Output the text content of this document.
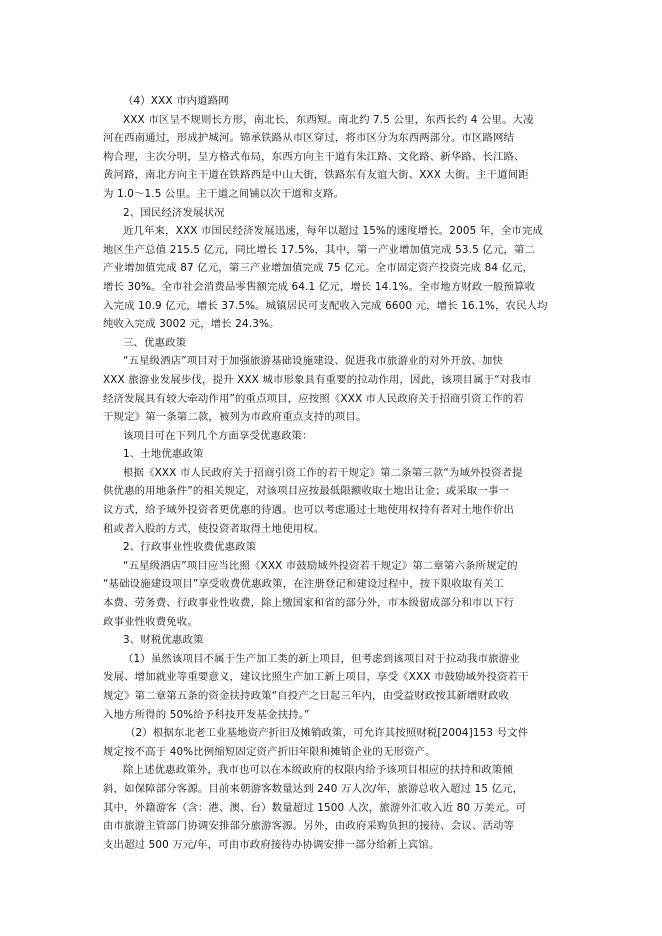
（4）XXX 市内道路网
XXX 市区呈不规则长方形，南北长，东西短。南北约 7.5 公里，东西长约 4 公里。大凌
河在西南通过，形成护城河。锦承铁路从市区穿过，将市区分为东西两部分。市区路网结
构合理，主次分明，呈方格式布局，东西方向主干道有朱江路、文化路、新华路、长江路、
黄河路，南北方向主干道在铁路西是中山大街，铁路东有友谊大街、XXX 大街。主干道间距
为 1.0～1.5 公里。主干道之间铺以次干道和支路。
2、国民经济发展状况
近几年来，XXX 市国民经济发展迅速，每年以超过 15%的速度增长。2005 年，全市完成
地区生产总值 215.5 亿元，同比增长 17.5%，其中，第一产业增加值完成 53.5 亿元，第二
产业增加值完成 87 亿元，第三产业增加值完成 75 亿元。全市固定资产投资完成 84 亿元，
增长 30%。全市社会消费品零售额完成 64.1 亿元，增长 14.1%。全市地方财政一般预算收
入完成 10.9 亿元，增长 37.5%。城镇居民可支配收入完成 6600 元，增长 16.1%，农民人均
纯收入完成 3002 元，增长 24.3%。
三、优惠政策
“五星级酒店”项目对于加强旅游基础设施建设、促进我市旅游业的对外开放、加快
XXX 旅游业发展步伐，提升 XXX 城市形象具有重要的拉动作用，因此，该项目属于“对我市
经济发展具有较大牵动作用”的重点项目，应按照《XXX 市人民政府关于招商引资工作的若
干规定》第一条第二款，被列为市政府重点支持的项目。
该项目可在下列几个方面享受优惠政策：
1、土地优惠政策
根据《XXX 市人民政府关于招商引资工作的若干规定》第二条第三款“为域外投资者提
供优惠的用地条件”的相关规定，对该项目应按最低限额收取土地出让金；或采取一事一
议方式，给予域外投资者更优惠的待遇。也可以考虑通过土地使用权持有者对土地作价出
租或者入股的方式，使投资者取得土地使用权。
2、行政事业性收费优惠政策
“五星级酒店”项目应当比照《XXX 市鼓励域外投资若干规定》第二章第六条所规定的
“基础设施建设项目”享受收费优惠政策，在注册登记和建设过程中，按下限收取有关工
本费、劳务费、行政事业性收费，除上缴国家和省的部分外，市本级留成部分和市以下行
政事业性收费免收。
3、财税优惠政策
（1）虽然该项目不属于生产加工类的新上项目，但考虑到该项目对于拉动我市旅游业
发展、增加就业等重要意义，建议比照生产加工新上项目，享受《XXX 市鼓励域外投资若干
规定》第二章第五条的资金扶持政策“自投产之日起三年内，由受益财政按其新增财政收
入地方所得的 50%给予科技开发基金扶持。”
（2）根据东北老工业基地资产折旧及摊销政策，可允许其按照财税[2004]153 号文件
规定按不高于 40%比例缩短固定资产折旧年限和摊销企业的无形资产。
除上述优惠政策外，我市也可以在本级政府的权限内给予该项目相应的扶持和政策倾
斜，如保障部分客源。目前来朝游客数量达到 240 万人次/年，旅游总收入超过 15 亿元，
其中，外籍游客（含：港、澳、台）数量超过 1500 人次，旅游外汇收入近 80 万美元。可
由市旅游主管部门协调安排部分旅游客源。另外，由政府采购负担的接待、会议、活动等
支出超过 500 万元/年，可由市政府接待办协调安排一部分给新上宾馆。
